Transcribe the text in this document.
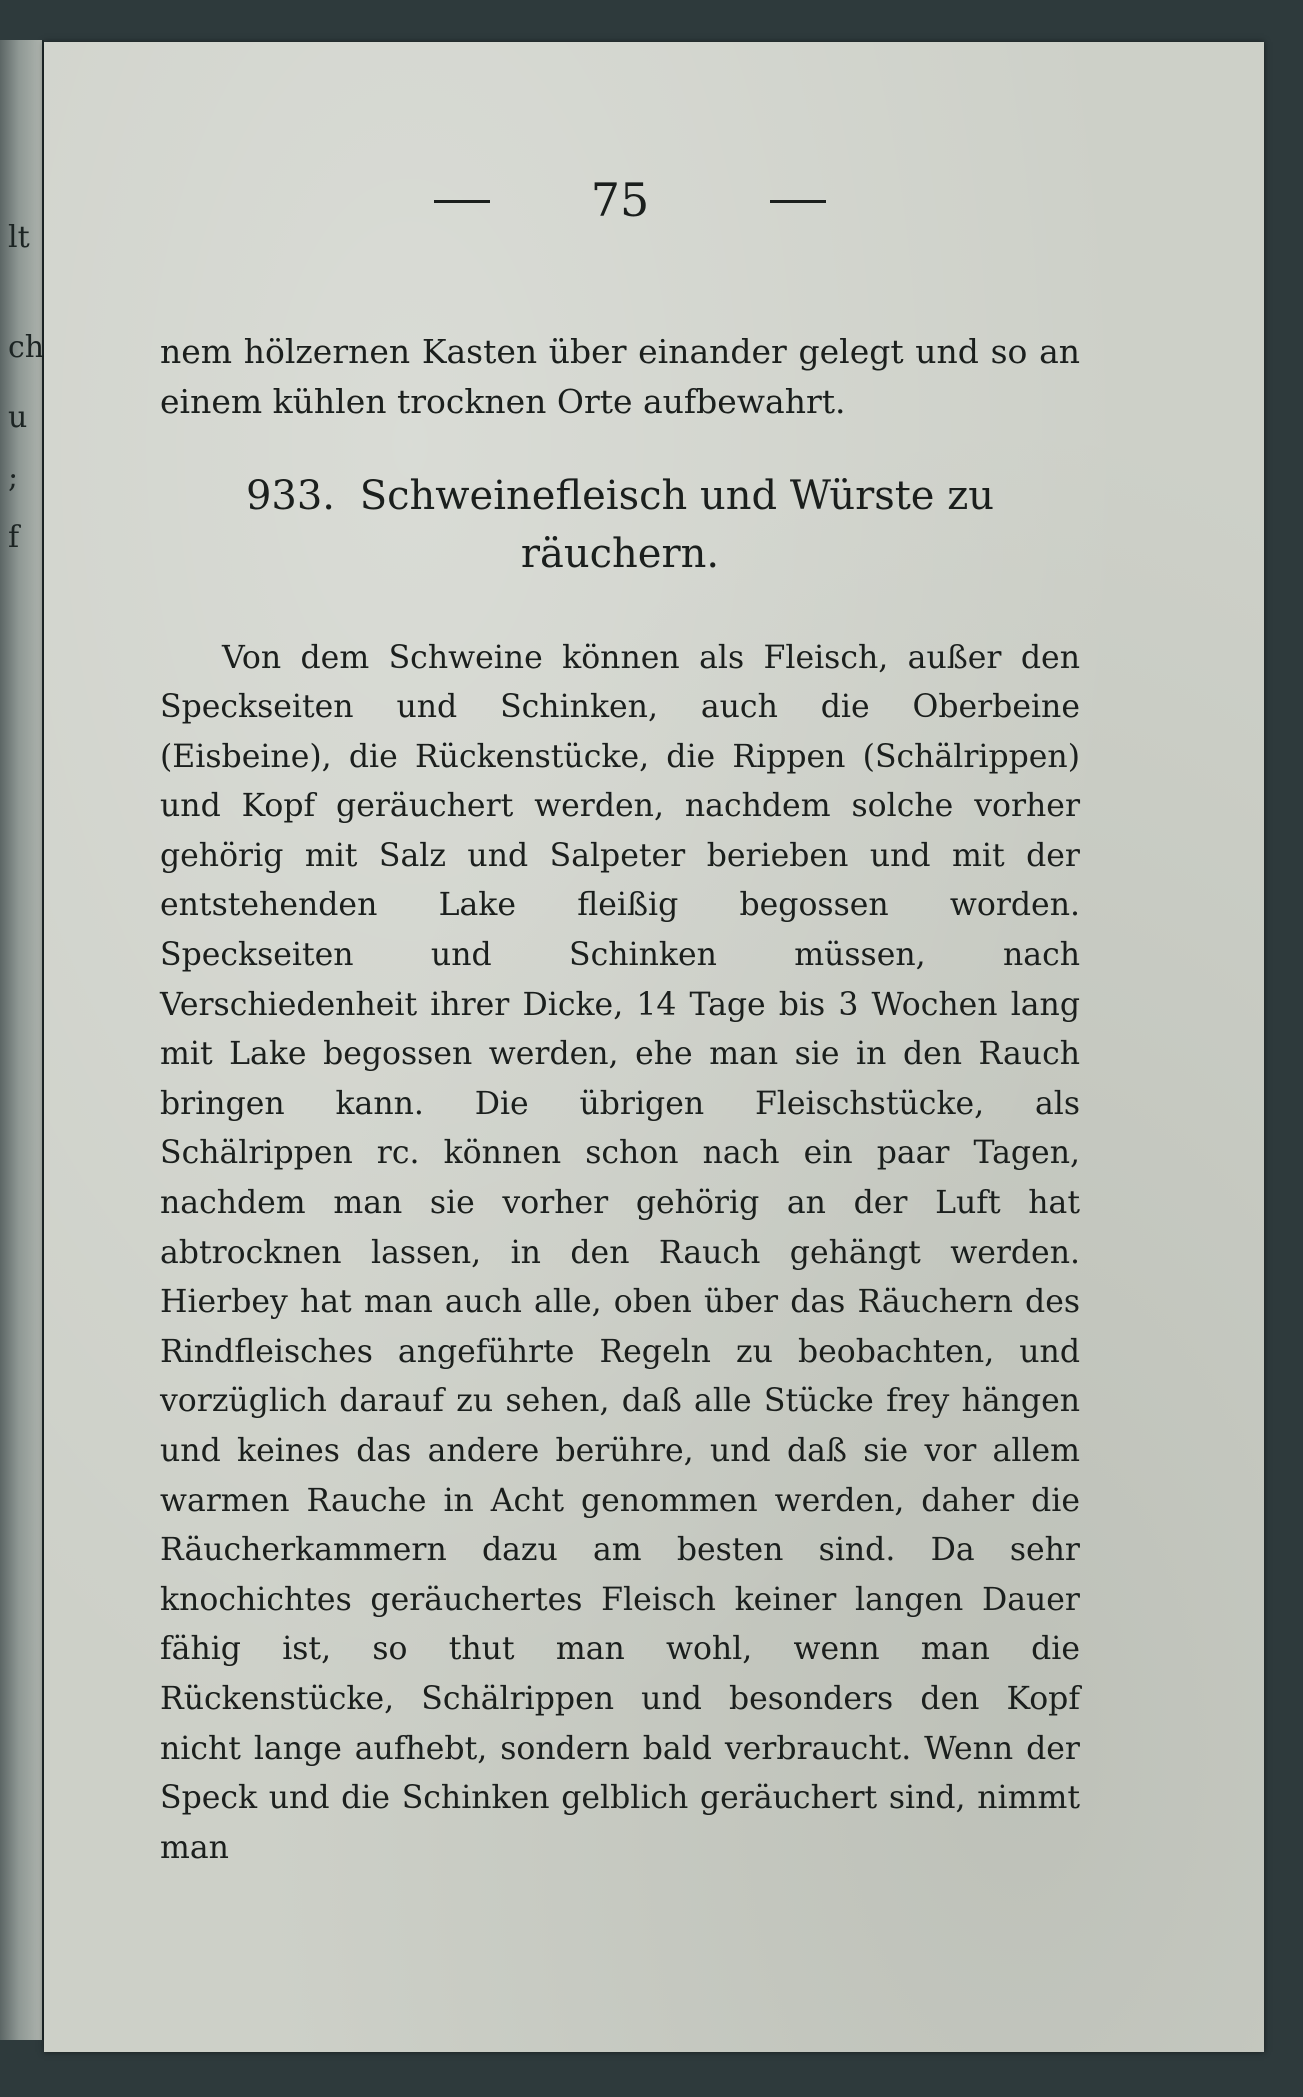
lt
ch
u
;
f
75

nem hölzernen Kasten über einander gelegt und so an einem kühlen trocknen Orte aufbewahrt.

933. Schweinefleisch und Würste zu räuchern.

Von dem Schweine können als Fleisch, außer den Speckseiten und Schinken, auch die Oberbeine (Eisbeine), die Rückenstücke, die Rippen (Schälrippen) und Kopf geräuchert werden, nachdem solche vorher gehörig mit Salz und Salpeter berieben und mit der entstehenden Lake fleißig begossen worden. Speckseiten und Schinken müssen, nach Verschiedenheit ihrer Dicke, 14 Tage bis 3 Wochen lang mit Lake begossen werden, ehe man sie in den Rauch bringen kann. Die übrigen Fleischstücke, als Schälrippen rc. können schon nach ein paar Tagen, nachdem man sie vorher gehörig an der Luft hat abtrocknen lassen, in den Rauch gehängt werden. Hierbey hat man auch alle, oben über das Räuchern des Rindfleisches angeführte Regeln zu beobachten, und vorzüglich darauf zu sehen, daß alle Stücke frey hängen und keines das andere berühre, und daß sie vor allem warmen Rauche in Acht genommen werden, daher die Räucherkammern dazu am besten sind. Da sehr knochichtes geräuchertes Fleisch keiner langen Dauer fähig ist, so thut man wohl, wenn man die Rückenstücke, Schälrippen und besonders den Kopf nicht lange aufhebt, sondern bald verbraucht. Wenn der Speck und die Schinken gelblich geräuchert sind, nimmt man
